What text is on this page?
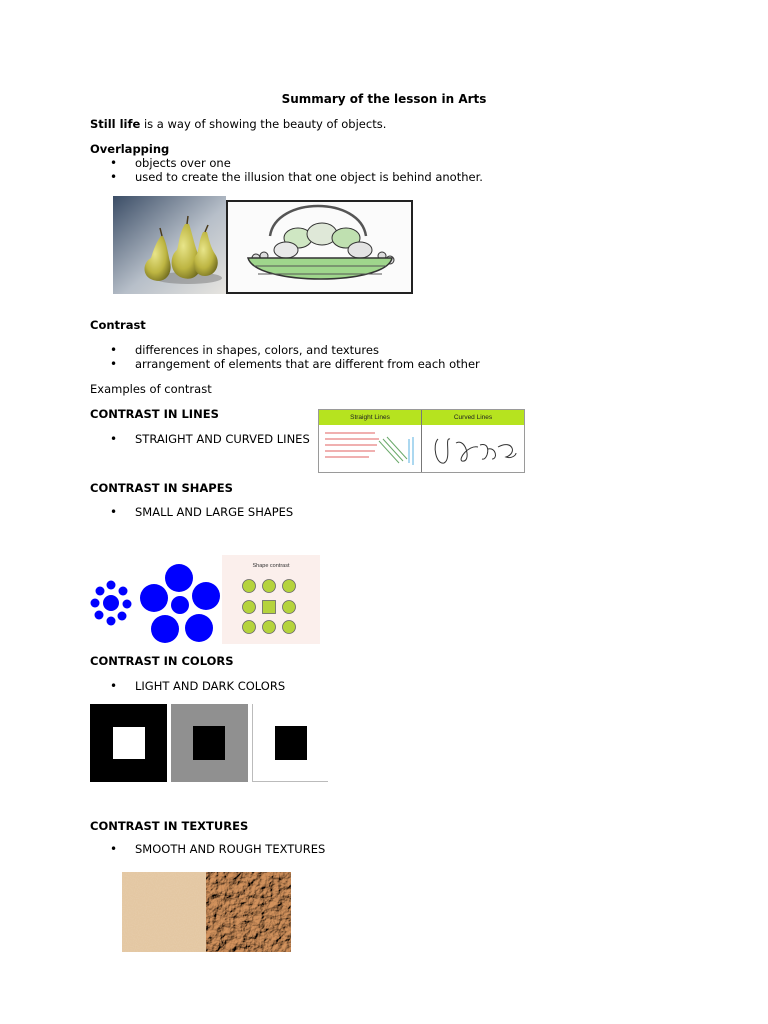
Summary of the lesson in Arts
Still life is a way of showing the beauty of objects.
Overlapping
• objects over one
• used to create the illusion that one object is behind another.
Contrast
• differences in shapes, colors, and textures
• arrangement of elements that are different from each other
Examples of contrast
CONTRAST IN LINES
• STRAIGHT AND CURVED LINES
Straight Lines	Curved Lines
CONTRAST IN SHAPES
• SMALL AND LARGE SHAPES
Shape contrast
CONTRAST IN COLORS
• LIGHT AND DARK COLORS
CONTRAST IN TEXTURES
• SMOOTH AND ROUGH TEXTURES
